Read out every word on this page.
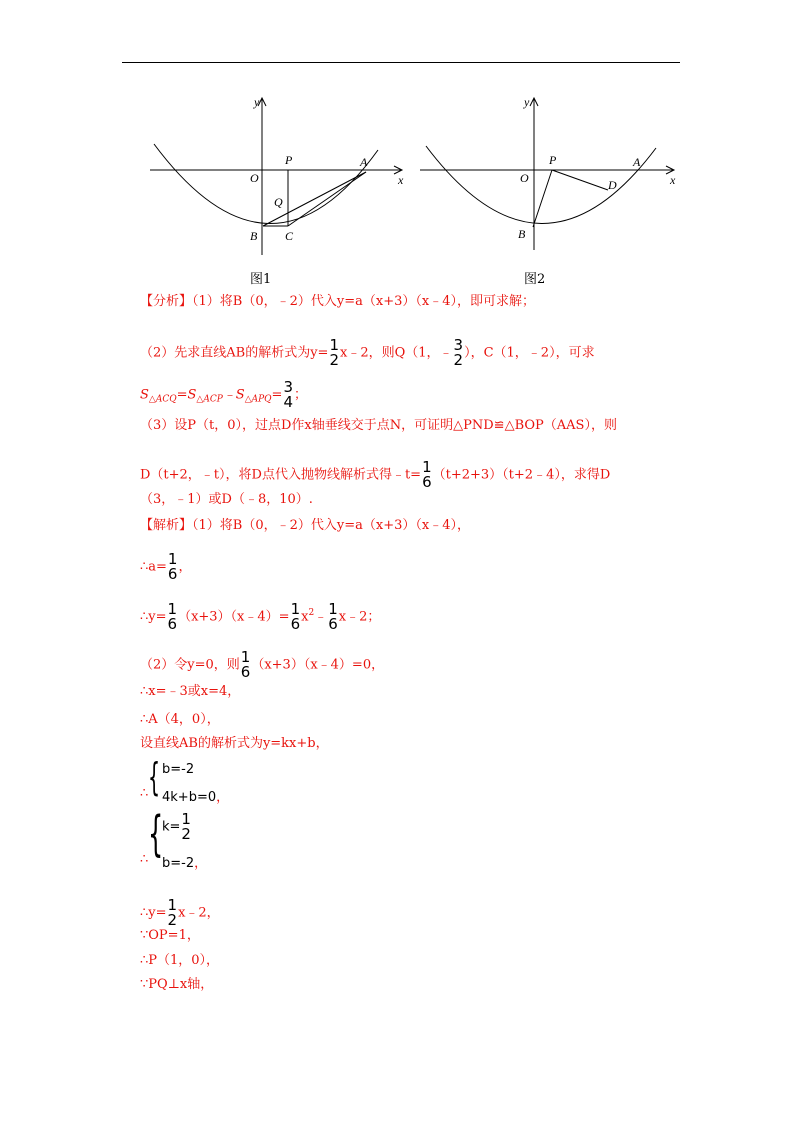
y
x
O
P	A
Q
B C
图1
y
x
O
P	A
D
B
图2
【分析】（1）将B（0，﹣2）代入y=a（x+3）（x﹣4），即可求解；
（2）先求直线AB的解析式为y= 1
2 x﹣2，则Q（1，﹣ 3
2 ），C（1，﹣2），可求
$S_{\triangle ACQ}=S_{\triangle ACP}﹣S_{\triangle APQ}= 3$
4 ；
（3）设P（t，0），过点D作x轴垂线交于点N，可证明△PND≌△BOP（AAS），则
D（t+2，﹣t），将D点代入抛物线解析式得﹣t= 1
6 （t+2+3）（t+2﹣4），求得D
（3，﹣1）或D（﹣8，10）.
【解析】（1）将B（0，﹣2）代入y=a（x+3）（x﹣4），
∴a= 1
6 ，
∴y= 1
6 （x+3）（x﹣4）= 1
6 $x^2﹣$ 1
6 x﹣2；
（2）令y=0，则 1
6 （x+3）（x﹣4）=0，
∴x=﹣3或x=4，
∴A（4，0），
设直线AB的解析式为y=kx+b，
{ b=-2
∴ 4k+b=0，
{
k= 1
2
∴ b=-2，
∴y= 1
2 x﹣2，
∵OP=1，
∴P（1，0），
∵PQ⊥x轴，
